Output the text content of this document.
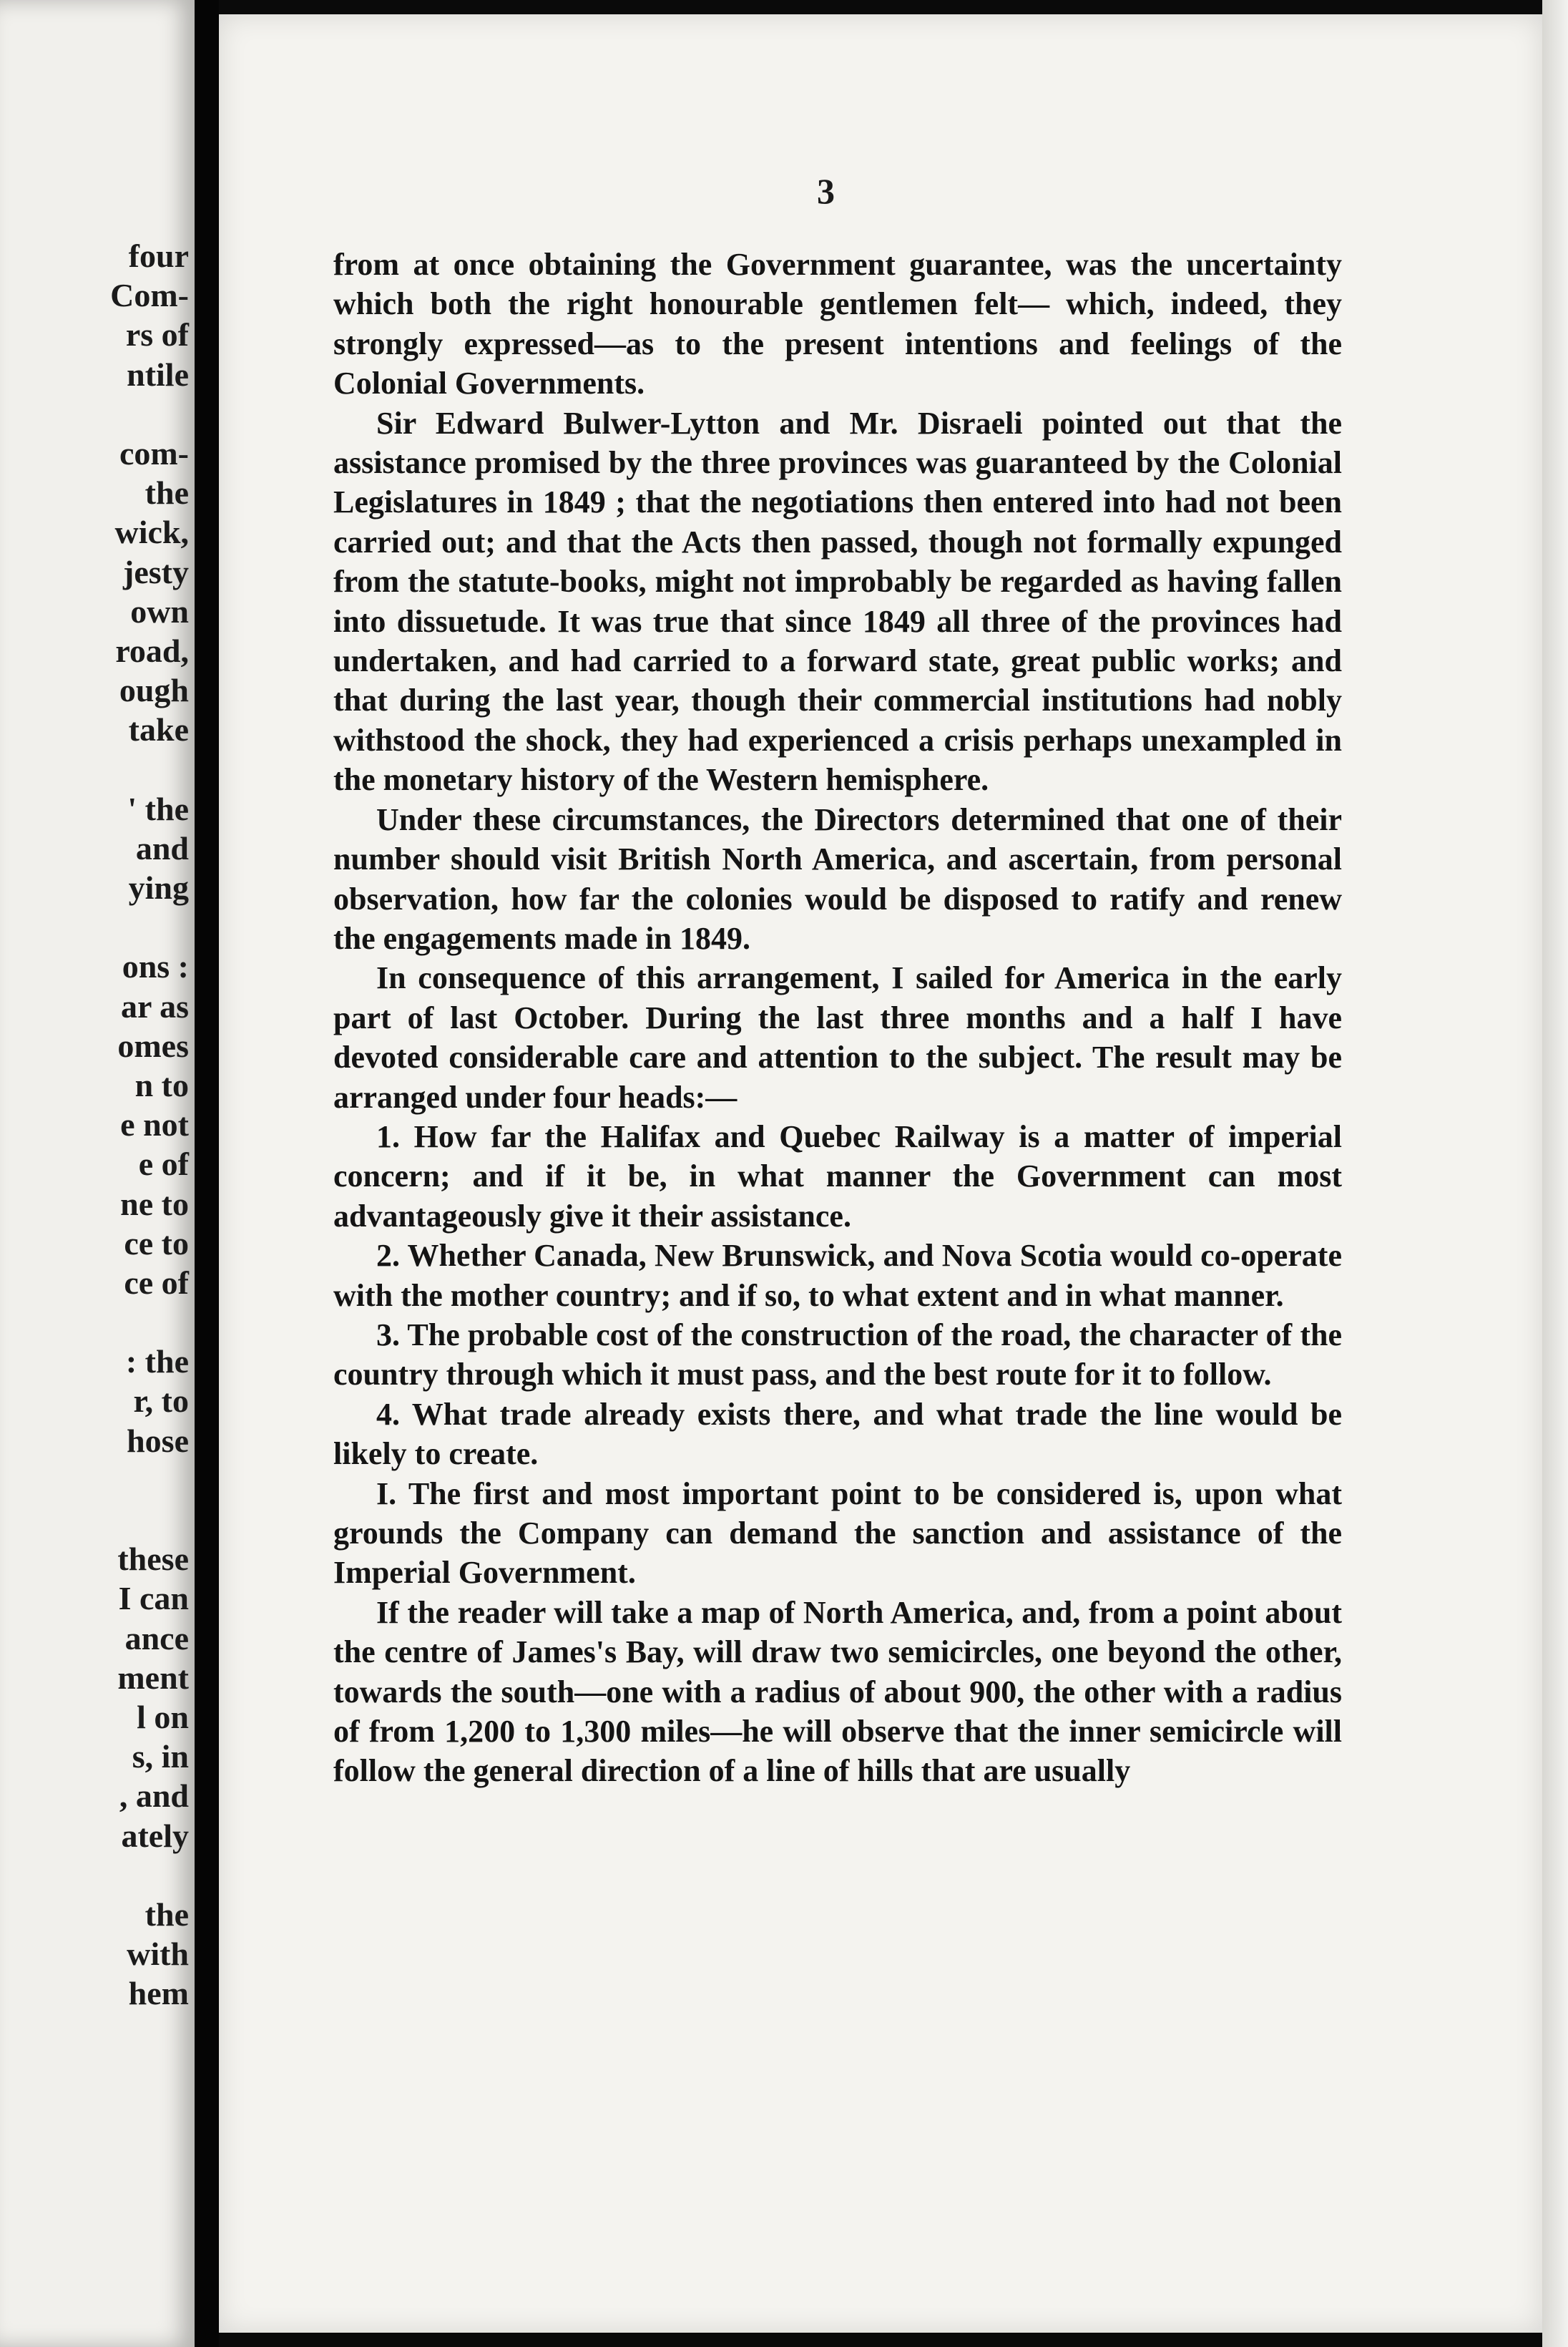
four
Com-
rs of
ntile
com-
the
wick,
jesty
own
road,
ough
take
' the
and
ying
ons :
ar as
omes
n to
e not
e of
ne to
ce to
ce of
: the
r, to
hose
these
I can
ance
ment
l on
s, in
, and
ately
the
with
hem
3

from at once obtaining the Government guarantee, was the uncertainty which both the right honourable gentlemen felt— which, indeed, they strongly expressed—as to the present intentions and feelings of the Colonial Governments.

Sir Edward Bulwer-Lytton and Mr. Disraeli pointed out that the assistance promised by the three provinces was guaranteed by the Colonial Legislatures in 1849 ; that the negotiations then entered into had not been carried out; and that the Acts then passed, though not formally expunged from the statute-books, might not improbably be regarded as having fallen into dissuetude. It was true that since 1849 all three of the provinces had undertaken, and had carried to a forward state, great public works; and that during the last year, though their commercial institutions had nobly withstood the shock, they had experienced a crisis perhaps unexampled in the monetary history of the Western hemisphere.

Under these circumstances, the Directors determined that one of their number should visit British North America, and ascertain, from personal observation, how far the colonies would be disposed to ratify and renew the engagements made in 1849.

In consequence of this arrangement, I sailed for America in the early part of last October. During the last three months and a half I have devoted considerable care and attention to the subject. The result may be arranged under four heads:—

1. How far the Halifax and Quebec Railway is a matter of imperial concern; and if it be, in what manner the Government can most advantageously give it their assistance.

2. Whether Canada, New Brunswick, and Nova Scotia would co-operate with the mother country; and if so, to what extent and in what manner.

3. The probable cost of the construction of the road, the character of the country through which it must pass, and the best route for it to follow.

4. What trade already exists there, and what trade the line would be likely to create.

I. The first and most important point to be considered is, upon what grounds the Company can demand the sanction and assistance of the Imperial Government.

If the reader will take a map of North America, and, from a point about the centre of James's Bay, will draw two semicircles, one beyond the other, towards the south—one with a radius of about 900, the other with a radius of from 1,200 to 1,300 miles—he will observe that the inner semicircle will follow the general direction of a line of hills that are usually
